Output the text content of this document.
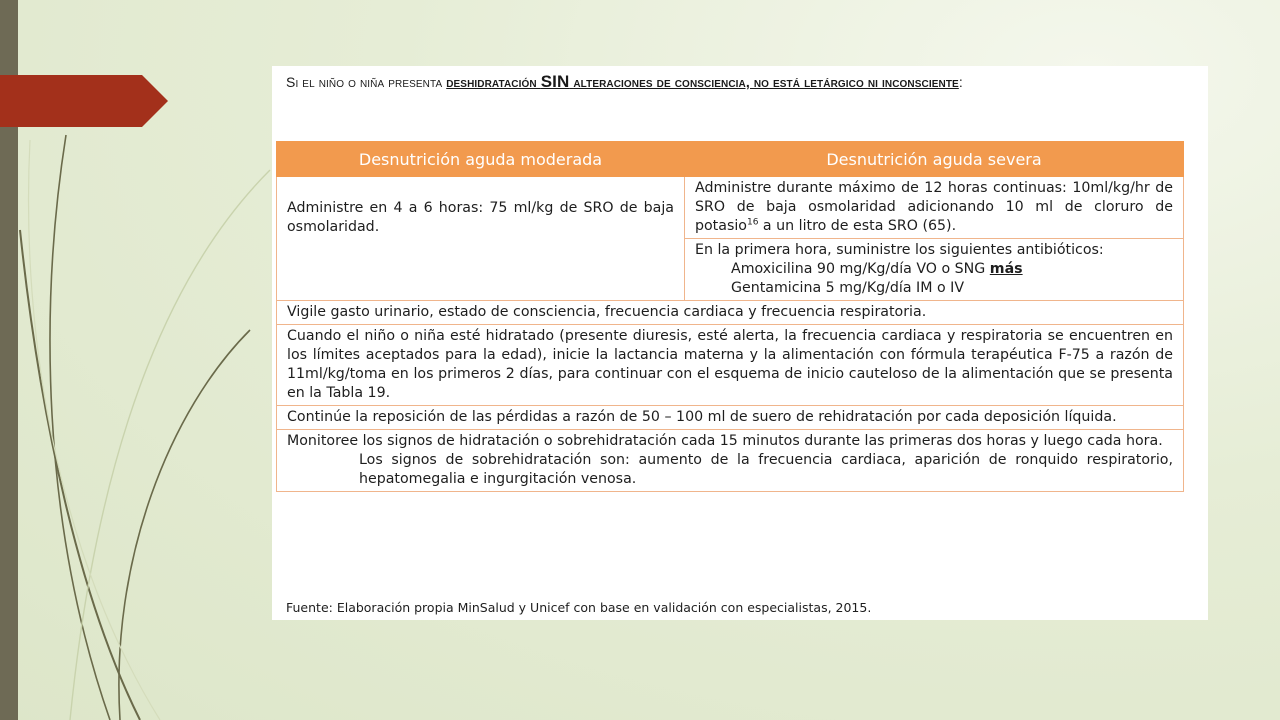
Si el niño o niña presenta deshidratación SIN alteraciones de consciencia, no está letárgico ni inconsciente:
Desnutrición aguda moderada	Desnutrición aguda severa
Administre en 4 a 6 horas: 75 ml/kg de SRO de baja osmolaridad.	Administre durante máximo de 12 horas continuas: 10ml/kg/hr de SRO de baja osmolaridad adicionando 10 ml de cloruro de potasio$^{16}$ a un litro de esta SRO (65).

	En la primera hora, suministre los siguientes antibióticos:
Amoxicilina 90 mg/Kg/día VO o SNG más
Gentamicina 5 mg/Kg/día IM o IV

Vigile gasto urinario, estado de consciencia, frecuencia cardiaca y frecuencia respiratoria.	
Cuando el niño o niña esté hidratado (presente diuresis, esté alerta, la frecuencia cardiaca y respiratoria se encuentren en los límites aceptados para la edad), inicie la lactancia materna y la alimentación con fórmula terapéutica F-75 a razón de 11ml/kg/toma en los primeros 2 días, para continuar con el esquema de inicio cauteloso de la alimentación que se presenta en la Tabla 19.	
Continúe la reposición de las pérdidas a razón de 50 – 100 ml de suero de rehidratación por cada deposición líquida.	

Monitoree los signos de hidratación o sobrehidratación cada 15 minutos durante las primeras dos horas y luego cada hora.
Los signos de sobrehidratación son: aumento de la frecuencia cardiaca, aparición de ronquido respiratorio, hepatomegalia e ingurgitación venosa.	
Fuente: Elaboración propia MinSalud y Unicef con base en validación con especialistas, 2015.
